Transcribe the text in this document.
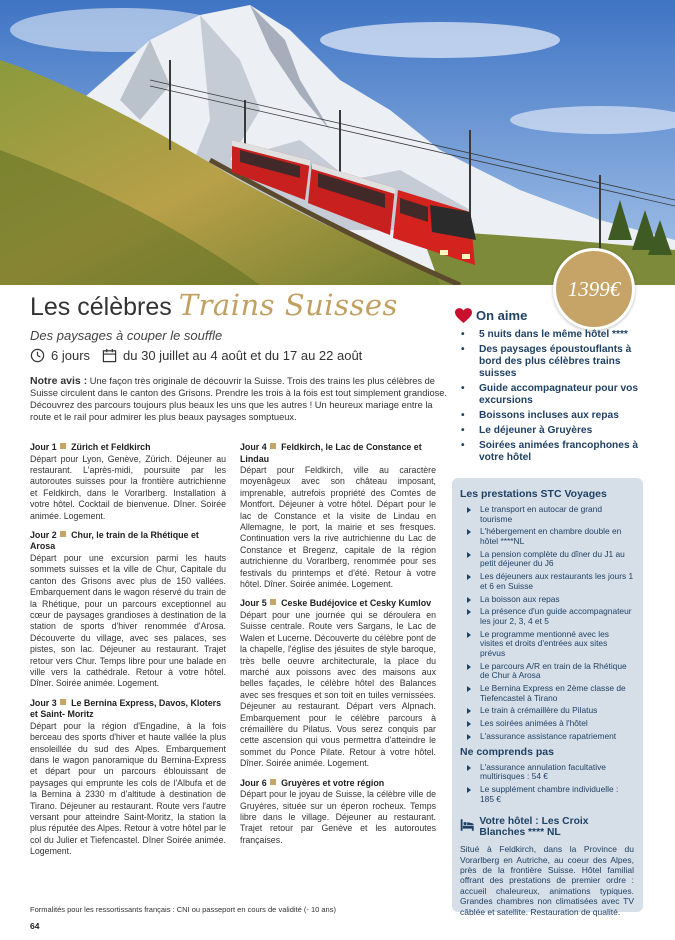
1399€
Les célèbres Trains Suisses
Des paysages à couper le souffle
6 jours	du 30 juillet au 4 août et du 17 au 22 août
Notre avis : Une façon très originale de découvrir la Suisse. Trois des trains les plus célèbres de Suisse circulent dans le canton des Grisons. Prendre les trois à la fois est tout simplement grandiose. Découvrez des parcours toujours plus beaux les uns que les autres ! Un heureux mariage entre la route et le rail pour admirer les plus beaux paysages somptueux.
Jour 1 Zürich et Feldkirch
Départ pour Lyon, Genève, Zürich. Déjeuner au restaurant. L'après-midi, poursuite par les autoroutes suisses pour la frontière autrichienne et Feldkirch, dans le Vorarlberg. Installation à votre hôtel. Cocktail de bienvenue. Dîner. Soirée animée. Logement.
Jour 2 Chur, le train de la Rhétique et Arosa
Départ pour une excursion parmi les hauts sommets suisses et la ville de Chur, Capitale du canton des Grisons avec plus de 150 vallées. Embarquement dans le wagon réservé du train de la Rhétique, pour un parcours exceptionnel au cœur de paysages grandioses à destination de la station de sports d'hiver renommée d'Arosa. Découverte du village, avec ses palaces, ses pistes, son lac. Déjeuner au restaurant. Trajet retour vers Chur. Temps libre pour une balade en ville vers la cathédrale. Retour à votre hôtel. Dîner. Soirée animée. Logement.
Jour 3 Le Bernina Express, Davos, Kloters et Saint- Moritz
Départ pour la région d'Engadine, à la fois berceau des sports d'hiver et haute vallée la plus ensoleillée du sud des Alpes. Embarquement dans le wagon panoramique du Bernina-Express et départ pour un parcours éblouissant de paysages qui emprunte les cols de l'Albufa et de la Bernina à 2330 m d'altitude à destination de Tirano. Déjeuner au restaurant. Route vers l'autre versant pour atteindre Saint-Moritz, la station la plus réputée des Alpes. Retour à votre hôtel par le col du Julier et Tiefencastel. Dîner Soirée animée. Logement.
Jour 4 Feldkirch, le Lac de Constance et Lindau
Départ pour Feldkirch, ville au caractère moyenâgeux avec son château imposant, imprenable, autrefois propriété des Comtes de Montfort. Déjeuner à votre hôtel. Départ pour le lac de Constance et la visite de Lindau en Allemagne, le port, la mairie et ses fresques. Continuation vers la rive autrichienne du Lac de Constance et Bregenz, capitale de la région autrichienne du Vorarlberg, renommée pour ses festivals du printemps et d'été. Retour à votre hôtel. Dîner. Soirée animée. Logement.
Jour 5 Ceske Budéjovice et Cesky Kumlov
Départ pour une journée qui se déroulera en Suisse centrale. Route vers Sargans, le Lac de Walen et Lucerne. Découverte du célèbre pont de la chapelle, l'église des jésuites de style baroque, très belle oeuvre architecturale, la place du marché aux poissons avec des maisons aux belles façades, le célèbre hôtel des Balances avec ses fresques et son toit en tuiles vernissées. Déjeuner au restaurant. Départ vers Alpnach. Embarquement pour le célèbre parcours à crémaillère du Pilatus. Vous serez conquis par cette ascension qui vous permettra d'atteindre le sommet du Ponce Pilate. Retour à votre hôtel. Dîner. Soirée animée. Logement.
Jour 6 Gruyères et votre région
Départ pour le joyau de Suisse, la célèbre ville de Gruyères, située sur un éperon rocheux. Temps libre dans le village. Déjeuner au restaurant. Trajet retour par Genève et les autoroutes françaises.
On aime
• 5 nuits dans le même hôtel ****
• Des paysages époustouflants à bord des plus célèbres trains suisses
• Guide accompagnateur pour vos excursions
• Boissons incluses aux repas
• Le déjeuner à Gruyères
• Soirées animées francophones à votre hôtel
Les prestations STC Voyages
Le transport en autocar de grand tourisme
L'hébergement en chambre double en hôtel ****NL
La pension complète du dîner du J1 au petit déjeuner du J6
Les déjeuners aux restaurants les jours 1 et 6 en Suisse
La boisson aux repas
La présence d'un guide accompagnateur les jour 2, 3, 4 et 5
Le programme mentionné avec les visites et droits d'entrées aux sites prévus
Le parcours A/R en train de la Rhétique de Chur à Arosa
Le Bernina Express en 2ème classe de Tiefencastel à Tirano
Le train à crémaillère du Pilatus
Les soirées animées à l'hôtel
L'assurance assistance rapatriement
Ne comprends pas
L'assurance annulation facultative multirisques : 54 €
Le supplément chambre individuelle : 185 €
Votre hôtel : Les Croix Blanches **** NL
Situé à Feldkirch, dans la Province du Vorarlberg en Autriche, au coeur des Alpes, près de la frontière Suisse. Hôtel familial offrant des prestations de premier ordre : accueil chaleureux, animations typiques. Grandes chambres non climatisées avec TV câblée et satellite. Restauration de qualité.
Formalités pour les ressortissants français : CNI ou passeport en cours de validité (- 10 ans)
64
